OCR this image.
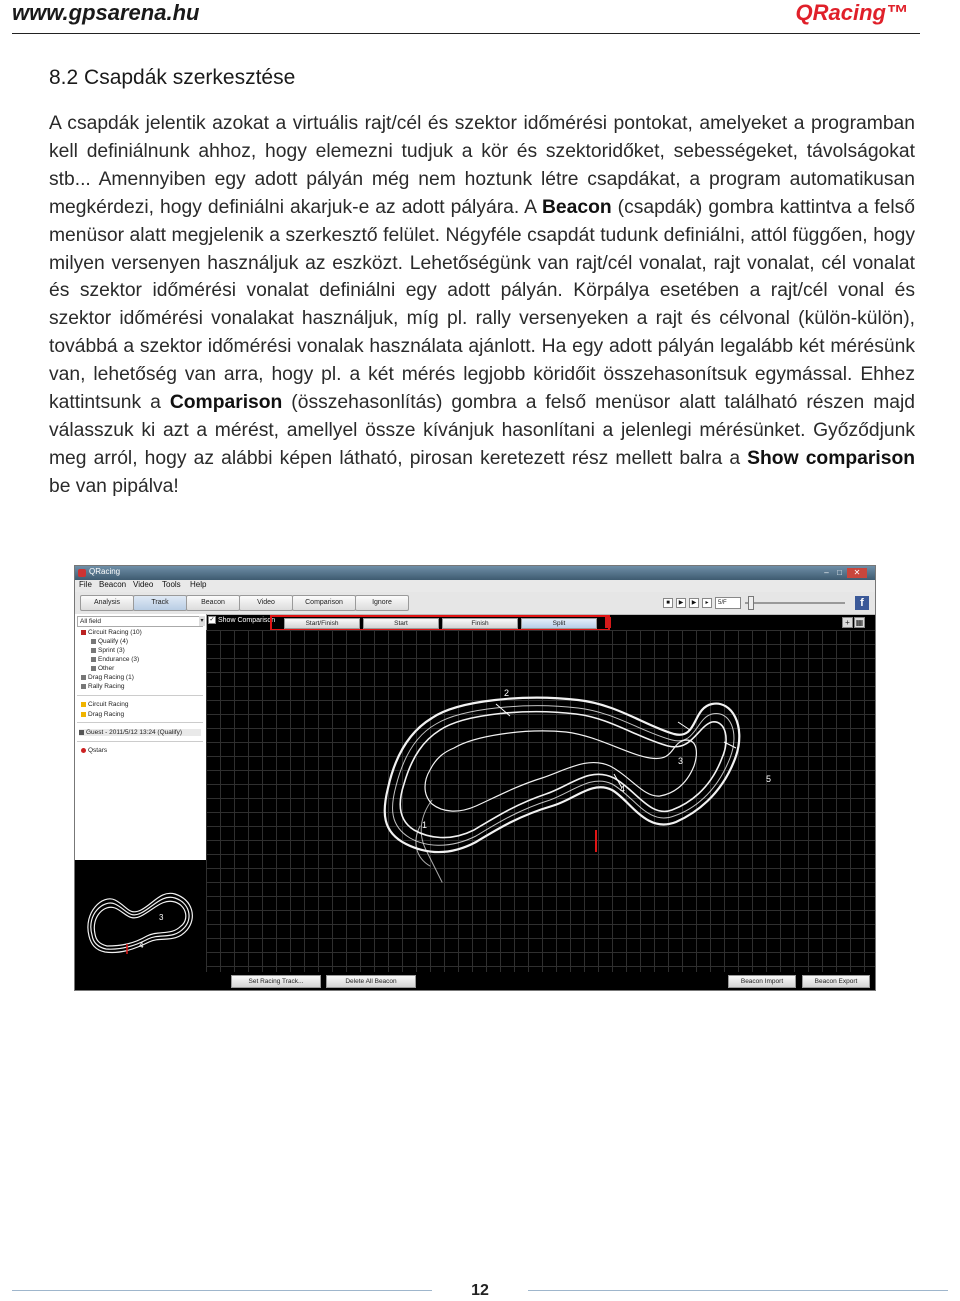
www.gpsarena.hu	QRacing™
8.2 Csapdák szerkesztése

A csapdák jelentik azokat a virtuális rajt/cél és szektor időmérési pontokat, amelyeket a programban kell definiálnunk ahhoz, hogy elemezni tudjuk a kör és szektoridőket, sebességeket, távolságokat stb... Amennyiben egy adott pályán még nem hoztunk létre csapdákat, a program automatikusan megkérdezi, hogy definiálni akarjuk-e az adott pályára. A Beacon (csapdák) gombra kattintva a felső menüsor alatt megjelenik a szerkesztő felület. Négyféle csapdát tudunk definiálni, attól függően, hogy milyen versenyen használjuk az eszközt. Lehetőségünk van rajt/cél vonalat, rajt vonalat, cél vonalat és szektor időmérési vonalat definiálni egy adott pályán. Körpálya esetében a rajt/cél vonal és szektor időmérési vonalakat használjuk, míg pl. rally versenyeken a rajt és célvonal (külön-külön), továbbá a szektor időmérési vonalak használata ajánlott. Ha egy adott pályán legalább két mérésünk van, lehetőség van arra, hogy pl. a két mérés legjobb köridőit összehasonítsuk egymással. Ehhez kattintsunk a Comparison (összehasonlítás) gombra a felső menüsor alatt található részen majd válasszuk ki azt a mérést, amellyel össze kívánjuk hasonlítani a jelenlegi mérésünket. Győződjunk meg arról, hogy az alábbi képen látható, pirosan keretezett rész mellett balra a Show comparison be van pipálva!

QRacing	–	□	✕
File Beacon Video Tools Help
Analysis	Track	Beacon	Video	Comparison	Ignore	■	▶	▶	▸	5/F	f
All field	▾
Circuit Racing (10)
Qualify (4)
Sprint (3)
Endurance (3)
Other
Drag Racing (1)
Rally Racing
Circuit Racing
Drag Racing
Guest - 2011/5/12 13:24 (Qualify)
Qstars
3
4
✓ Show Comparison	Start/Finish	Start	Finish	Split	+ ▦
1
2
3
4
5
Set Racing Track...	Delete All Beacon	Beacon Import	Beacon Export
12
